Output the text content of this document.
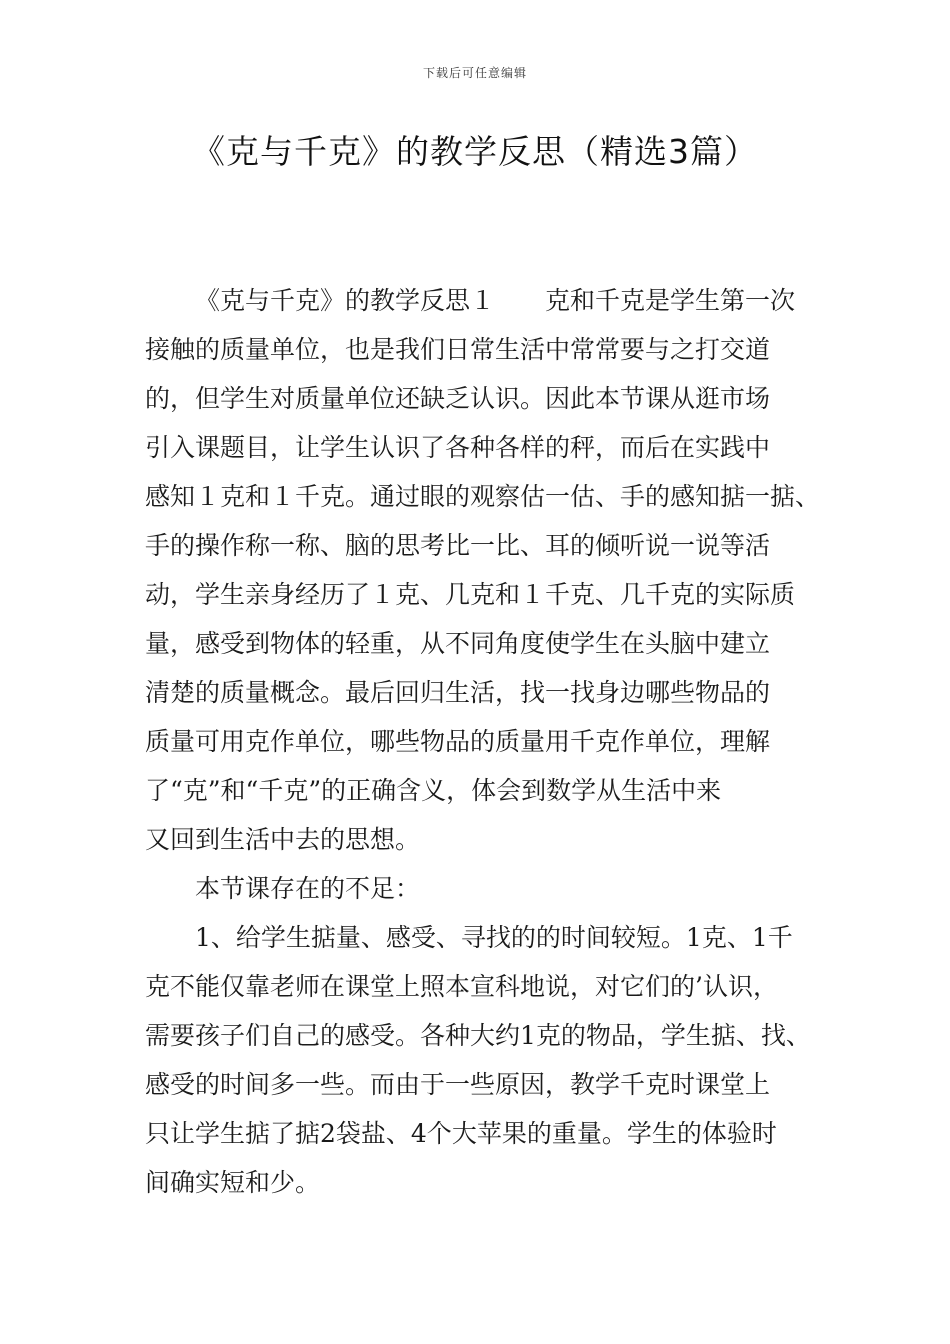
下载后可任意编辑
《克与千克》的教学反思（精选3篇）
《克与千克》的教学反思１　　克和千克是学生第一次
接触的质量单位，也是我们日常生活中常常要与之打交道
的，但学生对质量单位还缺乏认识。因此本节课从逛市场
引入课题目，让学生认识了各种各样的秤，而后在实践中
感知１克和１千克。通过眼的观察估一估、手的感知掂一掂、
手的操作称一称、脑的思考比一比、耳的倾听说一说等活
动，学生亲身经历了１克、几克和１千克、几千克的实际质
量，感受到物体的轻重，从不同角度使学生在头脑中建立
清楚的质量概念。最后回归生活，找一找身边哪些物品的
质量可用克作单位，哪些物品的质量用千克作单位，理解
了“克”和“千克”的正确含义，体会到数学从生活中来
又回到生活中去的思想。
本节课存在的不足：
1、给学生掂量、感受、寻找的的时间较短。1克、1千
克不能仅靠老师在课堂上照本宣科地说，对它们的’认识，
需要孩子们自己的感受。各种大约1克的物品，学生掂、找、
感受的时间多一些。而由于一些原因，教学千克时课堂上
只让学生掂了掂2袋盐、4个大苹果的重量。学生的体验时
间确实短和少。
